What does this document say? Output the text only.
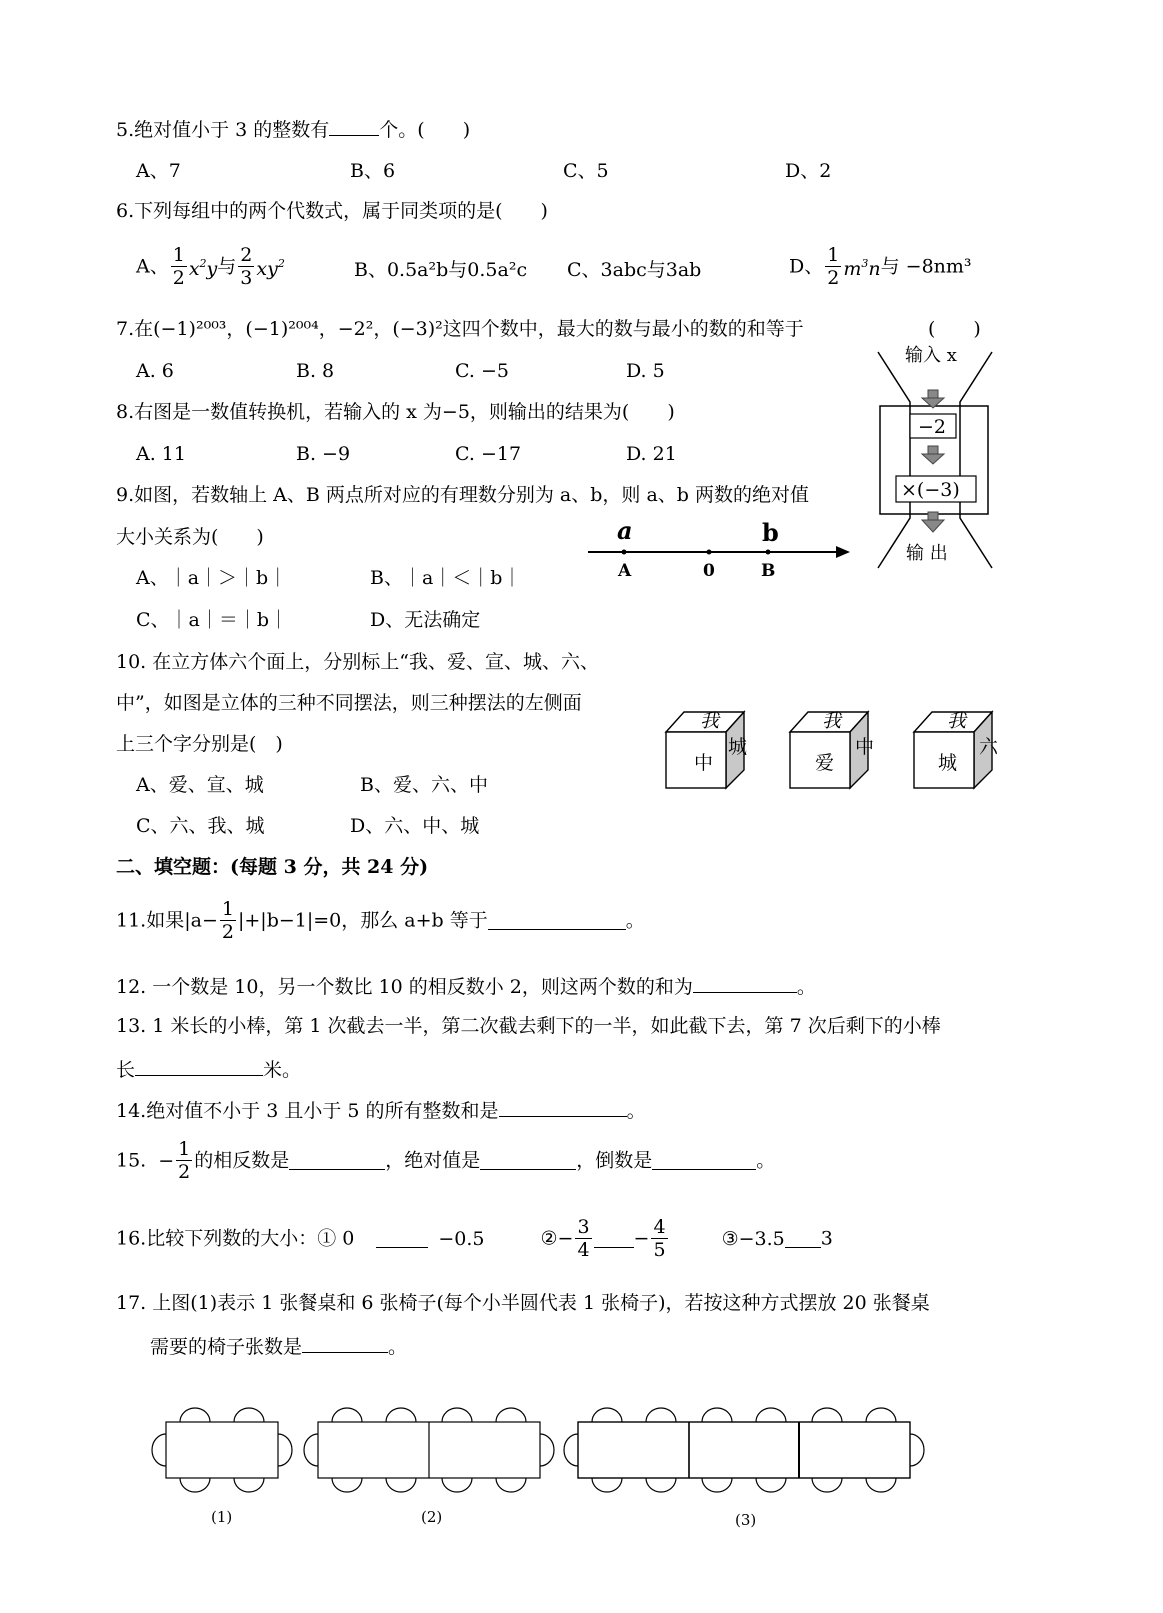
5.绝对值小于 3 的整数有	个。(　　)
A、7	B、6	C、5	D、2
6.下列每组中的两个代数式，属于同类项的是(　　)
A、 $\frac{1}{2} x^2y$与 $\frac{2}{3} xy^2$	B、0.5a²b与0.5a²c C、3abc与3ab	D、 $\frac{1}{2} m^3n$与 −8nm³
7.在(−1)²⁰⁰³，(−1)²⁰⁰⁴，−2²，(−3)²这四个数中，最大的数与最小的数的和等于	(　　)
A. 6	B. 8	C. −5	D. 5
8.右图是一数值转换机，若输入的 x 为−5，则输出的结果为(　　)
A. 11	B. −9	C. −17	D. 21
输入 x
−2
×(−3)
输 出
9.如图，若数轴上 A、B 两点所对应的有理数分别为 a、b，则 a、b 两数的绝对值
大小关系为(　　)	a	b
A	0	B
A、｜a｜＞｜b｜	B、｜a｜＜｜b｜
C、｜a｜＝｜b｜	D、无法确定
10. 在立方体六个面上，分别标上“我、爱、宣、城、六、
中”，如图是立体的三种不同摆法，则三种摆法的左侧面
上三个字分别是(　)
A、爱、宣、城	B、爱、六、中
C、六、我、城	D、六、中、城
我
中
城
我
爱
中
我
城
六
二、填空题：(每题 3 分，共 24 分)
11.如果$|a- \frac{1}{2} |+|b-1|=0$，那么 a+b 等于	。
12. 一个数是 10，另一个数比 10 的相反数小 2，则这两个数的和为	。
13. 1 米长的小棒，第 1 次截去一半，第二次截去剩下的一半，如此截下去，第 7 次后剩下的小棒
长	米。
14.绝对值不小于 3 且小于 5 的所有整数和是	。
15. − $\frac{1}{2}$ 的相反数是	，绝对值是	，倒数是	。
16.比较下列数的大小：① 0	−0.5	②− $\frac{3}{4} - \frac{4}{5}$	③−3.5 3
17. 上图(1)表示 1 张餐桌和 6 张椅子(每个小半圆代表 1 张椅子)，若按这种方式摆放 20 张餐桌
需要的椅子张数是	。
(1)	(2)	(3)
